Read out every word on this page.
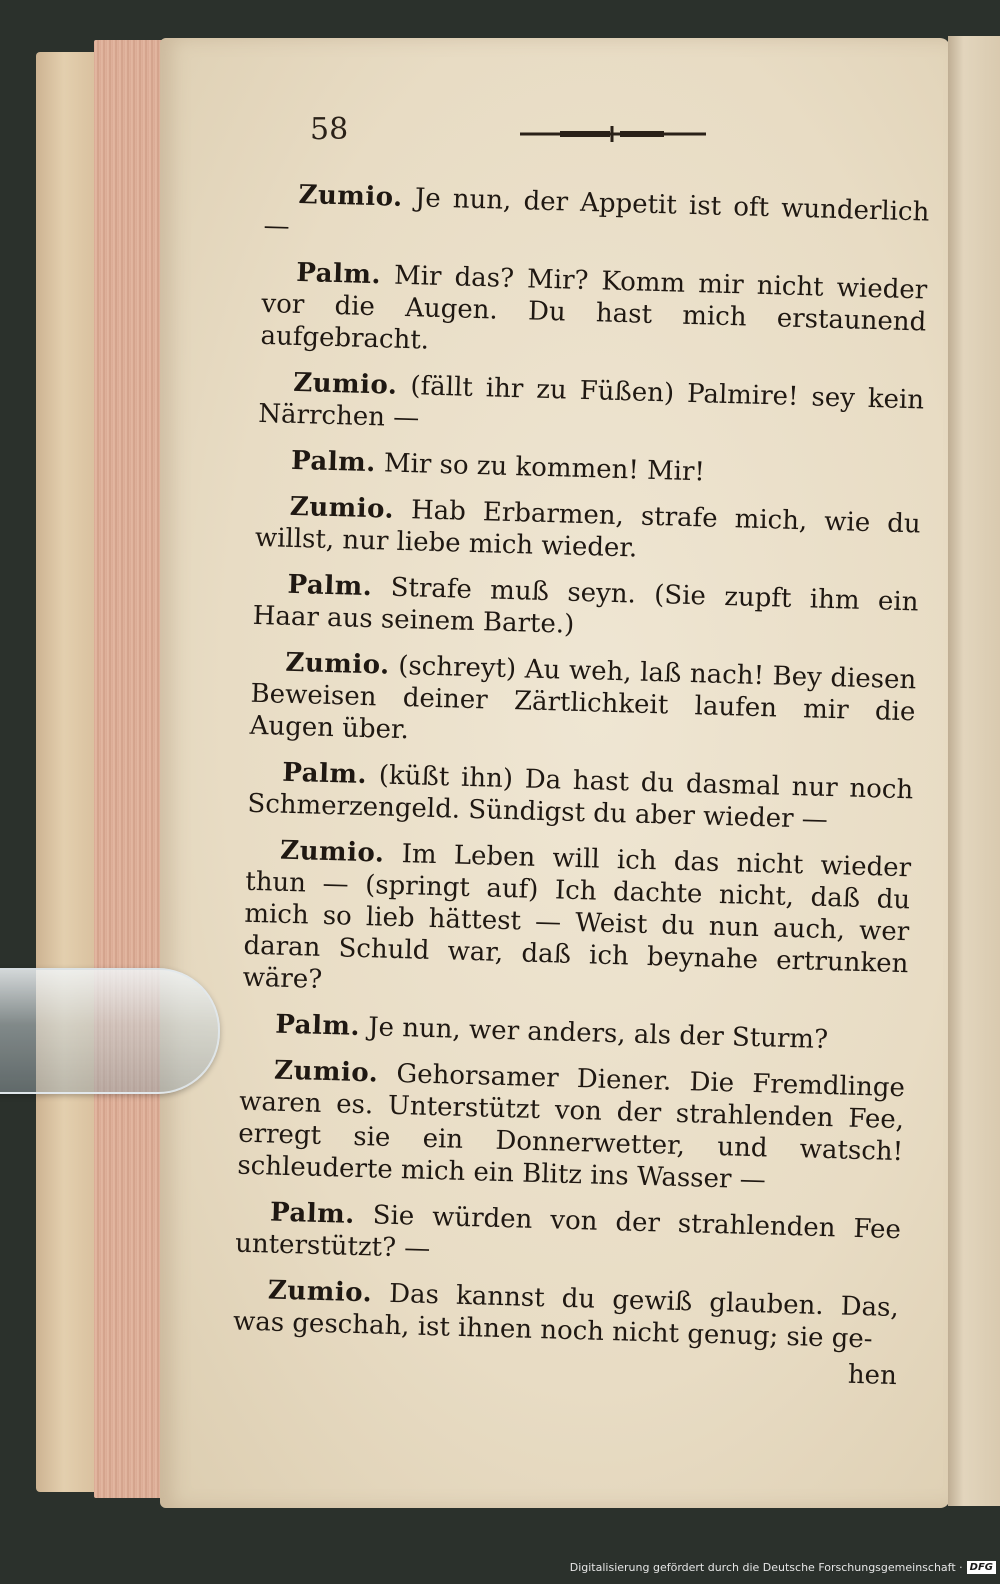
58

Zumio. Je nun, der Appetit ist oft wunderlich —

Palm. Mir das? Mir? Komm mir nicht wieder vor die Augen. Du hast mich erstaunend aufgebracht.

Zumio. (fällt ihr zu Füßen) Palmire! sey kein Närrchen —

Palm. Mir so zu kommen! Mir!

Zumio. Hab Erbarmen, strafe mich, wie du willst, nur liebe mich wieder.

Palm. Strafe muß seyn. (Sie zupft ihm ein Haar aus seinem Barte.)

Zumio. (schreyt) Au weh, laß nach! Bey diesen Beweisen deiner Zärtlichkeit laufen mir die Augen über.

Palm. (küßt ihn) Da hast du dasmal nur noch Schmerzengeld. Sündigst du aber wieder —

Zumio. Im Leben will ich das nicht wieder thun — (springt auf) Ich dachte nicht, daß du mich so lieb hättest — Weist du nun auch, wer daran Schuld war, daß ich beynahe ertrunken wäre?

Palm. Je nun, wer anders, als der Sturm?

Zumio. Gehorsamer Diener. Die Fremdlinge waren es. Unterstützt von der strahlenden Fee, erregt sie ein Donnerwetter, und watsch! schleuderte mich ein Blitz ins Wasser —

Palm. Sie würden von der strahlenden Fee unterstützt? —

Zumio. Das kannst du gewiß glauben. Das, was geschah, ist ihnen noch nicht genug; sie ge-

hen

Digitalisierung gefördert durch die Deutsche Forschungsgemeinschaft · DFG
